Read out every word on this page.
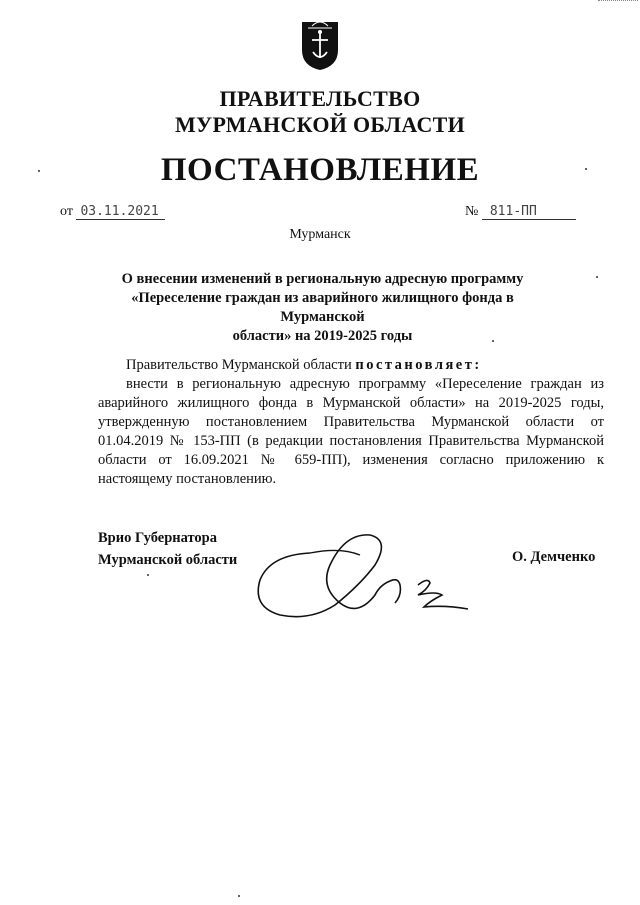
ПРАВИТЕЛЬСТВО
МУРМАНСКОЙ ОБЛАСТИ
ПОСТАНОВЛЕНИЕ
от 03.11.2021	№ 811-ПП
Мурманск
О внесении изменений в региональную адресную программу
«Переселение граждан из аварийного жилищного фонда в Мурманской
области» на 2019-2025 годы
Правительство Мурманской области постановляет:
внести в региональную адресную программу «Переселение граждан из аварийного жилищного фонда в Мурманской области» на 2019-2025 годы, утвержденную постановлением Правительства Мурманской области от 01.04.2019 № 153-ПП (в редакции постановления Правительства Мурманской области от 16.09.2021 № 659-ПП), изменения согласно приложению к настоящему постановлению.
Врио Губернатора
Мурманской области	О. Демченко
